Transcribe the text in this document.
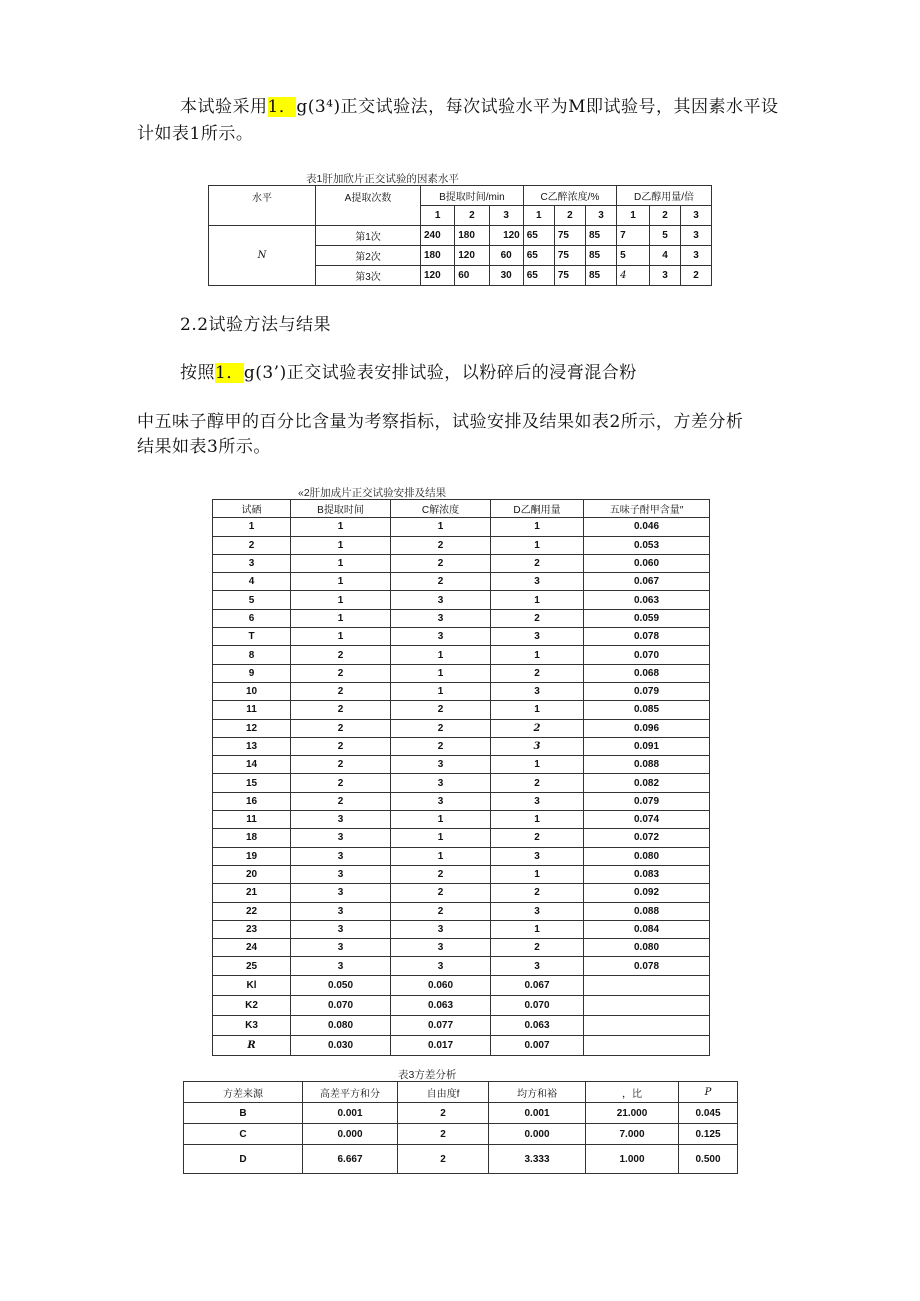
本试验采用1．g(3⁴)正交试验法，每次试验水平为M即试验号，其因素水平设
计如表1所示。
表1肝加欣片正交试验的因素水平
水平	A提取次数	B提取时间/min			C乙醉浓度/%			D乙醇用量/倍		
		1	2	3	1	2	3	1	2	3
N	第1次	240	180	120	65	75	85	7	5	3
	第2次	180	120	60	65	75	85	5	4	3
	第3次	120	60	30	65	75	85	4	3	2
2.2试验方法与结果
按照1．g(3’)正交试验表安排试验，以粉碎后的浸膏混合粉
中五味子醇甲的百分比含量为考察指标，试验安排及结果如表2所示，方差分析
结果如表3所示。
«2肝加成片正交试验安排及结果
试硒	B提取时间	C解浓度	D乙酮用量	五味子酎甲含量″
1	1	1	1	0.046
2	1	2	1	0.053
3	1	2	2	0.060
4	1	2	3	0.067
5	1	3	1	0.063
6	1	3	2	0.059
T	1	3	3	0.078
8	2	1	1	0.070
9	2	1	2	0.068
10	2	1	3	0.079
11	2	2	1	0.085
12	2	2	2	0.096
13	2	2	3	0.091
14	2	3	1	0.088
15	2	3	2	0.082
16	2	3	3	0.079
11	3	1	1	0.074
18	3	1	2	0.072
19	3	1	3	0.080
20	3	2	1	0.083
21	3	2	2	0.092
22	3	2	3	0.088
23	3	3	1	0.084
24	3	3	2	0.080
25	3	3	3	0.078
Kl	0.050	0.060	0.067	
K2	0.070	0.063	0.070	
K3	0.080	0.077	0.063	
R	0.030	0.017	0.007	
表3方差分析
方差来源	高差平方和分	自由度f	均方和裕	，比	P
B	0.001	2	0.001	21.000	0.045
C	0.000	2	0.000	7.000	0.125
D	6.667	2	3.333	1.000	0.500
